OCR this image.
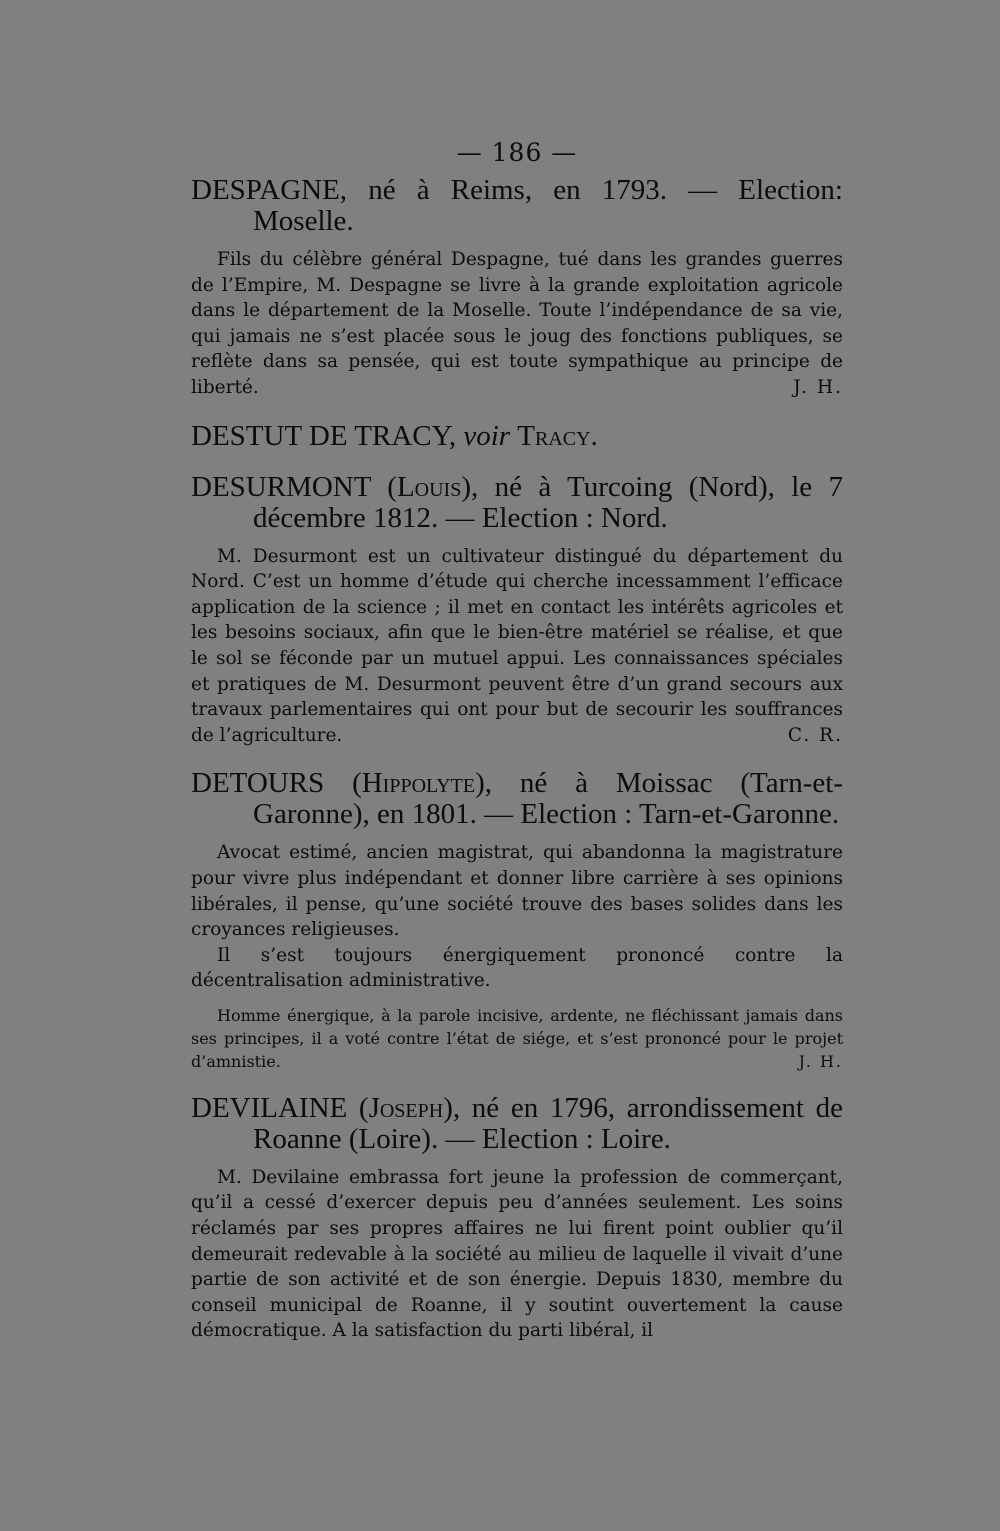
— 186 —

DESPAGNE, né à Reims, en 1793. — Election: Moselle.

Fils du célèbre général Despagne, tué dans les grandes guerres de l’Empire, M. Despagne se livre à la grande exploitation agricole dans le département de la Moselle. Toute l’indépendance de sa vie, qui jamais ne s’est placée sous le joug des fonctions publiques, se reflète dans sa pensée, qui est toute sympathique au principe de liberté.	J. H.

DESTUT DE TRACY, voir Tracy.

DESURMONT (Louis), né à Turcoing (Nord), le 7 décembre 1812. — Election : Nord.

M. Desurmont est un cultivateur distingué du département du Nord. C’est un homme d’étude qui cherche incessamment l’efficace application de la science ; il met en contact les intérêts agricoles et les besoins sociaux, afin que le bien-être matériel se réalise, et que le sol se féconde par un mutuel appui. Les connaissances spéciales et pratiques de M. Desurmont peuvent être d’un grand secours aux travaux parlementaires qui ont pour but de secourir les souffrances de l’agriculture.	C. R.

DETOURS (Hippolyte), né à Moissac (Tarn-et-Garonne), en 1801. — Election : Tarn-et-Garonne.

Avocat estimé, ancien magistrat, qui abandonna la magistrature pour vivre plus indépendant et donner libre carrière à ses opinions libérales, il pense, qu’une société trouve des bases solides dans les croyances religieuses.

Il s’est toujours énergiquement prononcé contre la décentralisation administrative.

Homme énergique, à la parole incisive, ardente, ne fléchissant jamais dans ses principes, il a voté contre l’état de siége, et s’est prononcé pour le projet d’amnistie.	J. H.

DEVILAINE (Joseph), né en 1796, arrondissement de Roanne (Loire). — Election : Loire.

M. Devilaine embrassa fort jeune la profession de commerçant, qu’il a cessé d’exercer depuis peu d’années seulement. Les soins réclamés par ses propres affaires ne lui firent point oublier qu’il demeurait redevable à la société au milieu de laquelle il vivait d’une partie de son activité et de son énergie. Depuis 1830, membre du conseil municipal de Roanne, il y soutint ouvertement la cause démocratique. A la satisfaction du parti libéral, il
